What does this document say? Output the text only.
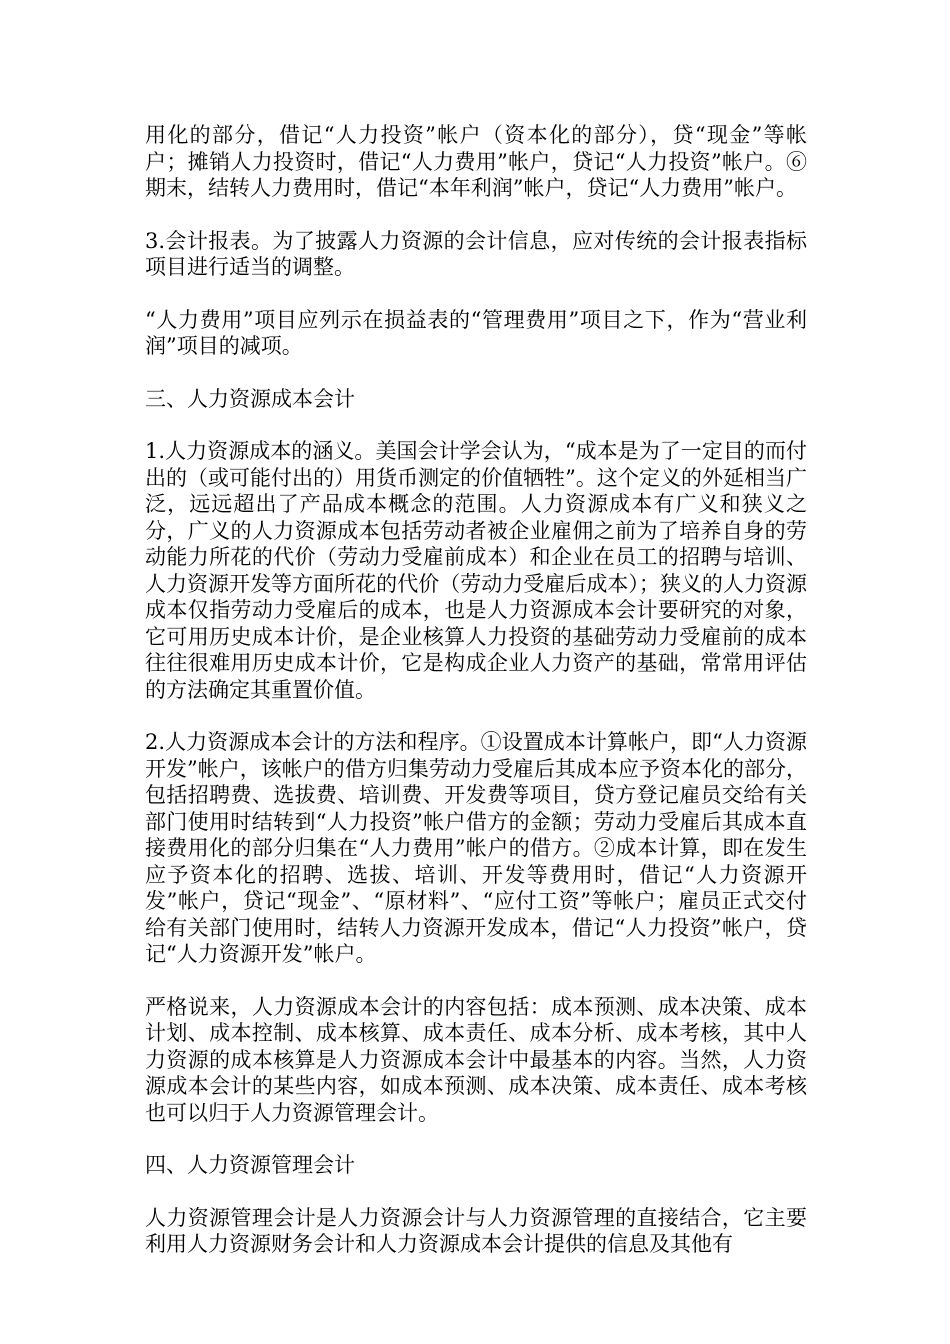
用化的部分，借记“人力投资”帐户（资本化的部分），贷“现金”等帐户；摊销人力投资时，借记“人力费用”帐户，贷记“人力投资”帐户。⑥期末，结转人力费用时，借记“本年利润”帐户，贷记“人力费用”帐户。

3.会计报表。为了披露人力资源的会计信息，应对传统的会计报表指标项目进行适当的调整。

“人力费用”项目应列示在损益表的“管理费用”项目之下，作为“营业利润”项目的减项。

三、人力资源成本会计

1.人力资源成本的涵义。美国会计学会认为，“成本是为了一定目的而付出的（或可能付出的）用货币测定的价值牺牲”。这个定义的外延相当广泛，远远超出了产品成本概念的范围。人力资源成本有广义和狭义之分，广义的人力资源成本包括劳动者被企业雇佣之前为了培养自身的劳动能力所花的代价（劳动力受雇前成本）和企业在员工的招聘与培训、人力资源开发等方面所花的代价（劳动力受雇后成本）；狭义的人力资源成本仅指劳动力受雇后的成本，也是人力资源成本会计要研究的对象，它可用历史成本计价，是企业核算人力投资的基础劳动力受雇前的成本往往很难用历史成本计价，它是构成企业人力资产的基础，常常用评估的方法确定其重置价值。

2.人力资源成本会计的方法和程序。①设置成本计算帐户，即“人力资源开发”帐户，该帐户的借方归集劳动力受雇后其成本应予资本化的部分，包括招聘费、选拔费、培训费、开发费等项目，贷方登记雇员交给有关部门使用时结转到“人力投资”帐户借方的金额；劳动力受雇后其成本直接费用化的部分归集在“人力费用”帐户的借方。②成本计算，即在发生应予资本化的招聘、选拔、培训、开发等费用时，借记“人力资源开发”帐户，贷记“现金”、“原材料”、“应付工资”等帐户；雇员正式交付给有关部门使用时，结转人力资源开发成本，借记“人力投资”帐户，贷记“人力资源开发”帐户。

严格说来，人力资源成本会计的内容包括：成本预测、成本决策、成本计划、成本控制、成本核算、成本责任、成本分析、成本考核，其中人力资源的成本核算是人力资源成本会计中最基本的内容。当然，人力资源成本会计的某些内容，如成本预测、成本决策、成本责任、成本考核也可以归于人力资源管理会计。

四、人力资源管理会计

人力资源管理会计是人力资源会计与人力资源管理的直接结合，它主要利用人力资源财务会计和人力资源成本会计提供的信息及其他有
